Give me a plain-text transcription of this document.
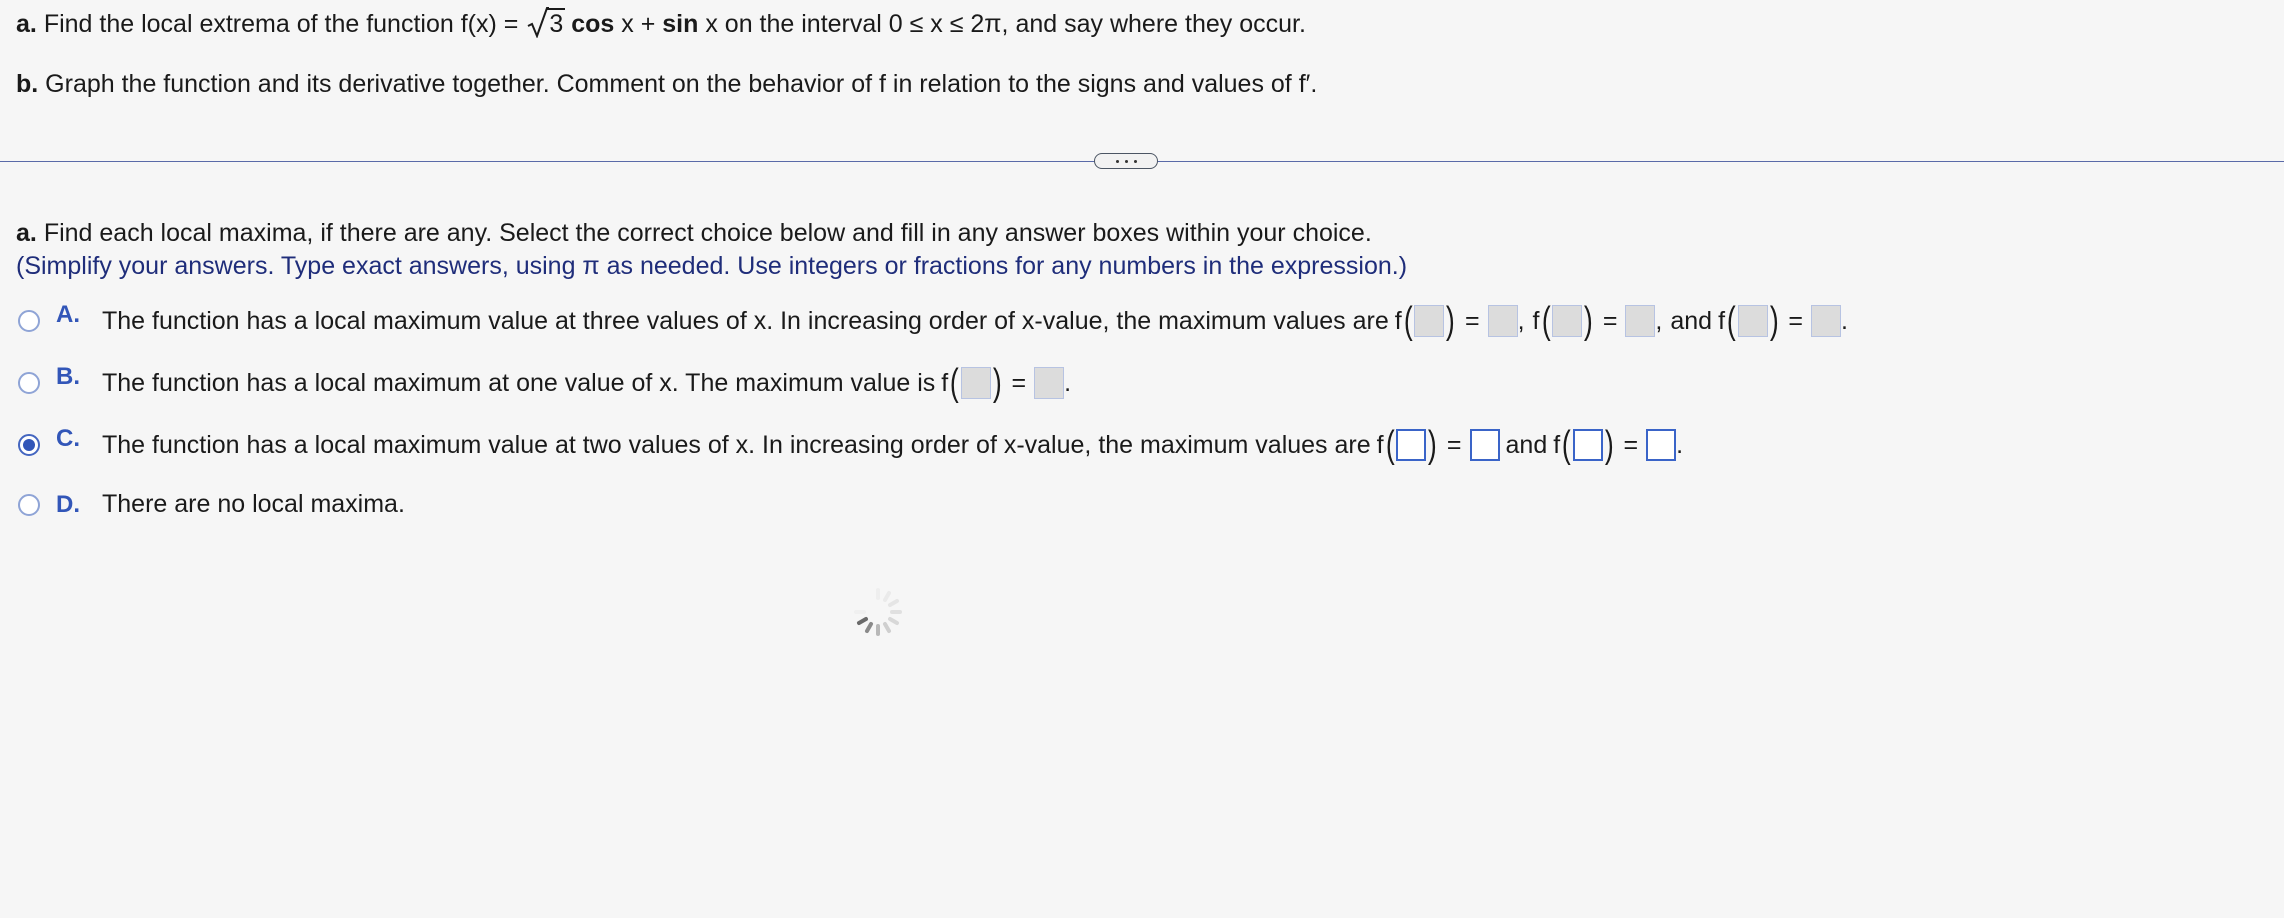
a. Find the local extrema of the function f(x) = 3 cos x + sin x on the interval 0 ≤ x ≤ 2π, and say where they occur.
b. Graph the function and its derivative together. Comment on the behavior of f in relation to the signs and values of f′.
a. Find each local maxima, if there are any. Select the correct choice below and fill in any answer boxes within your choice.
(Simplify your answers. Type exact answers, using π as needed. Use integers or fractions for any numbers in the expression.)
A. The function has a local maximum value at three values of x. In increasing order of x-value, the maximum values are f ( ) = , f ( ) = , and f ( ) = .
B. The function has a local maximum at one value of x. The maximum value is f ( ) = .
C. The function has a local maximum value at two values of x. In increasing order of x-value, the maximum values are f ( ) = and f ( ) = .
D. There are no local maxima.
